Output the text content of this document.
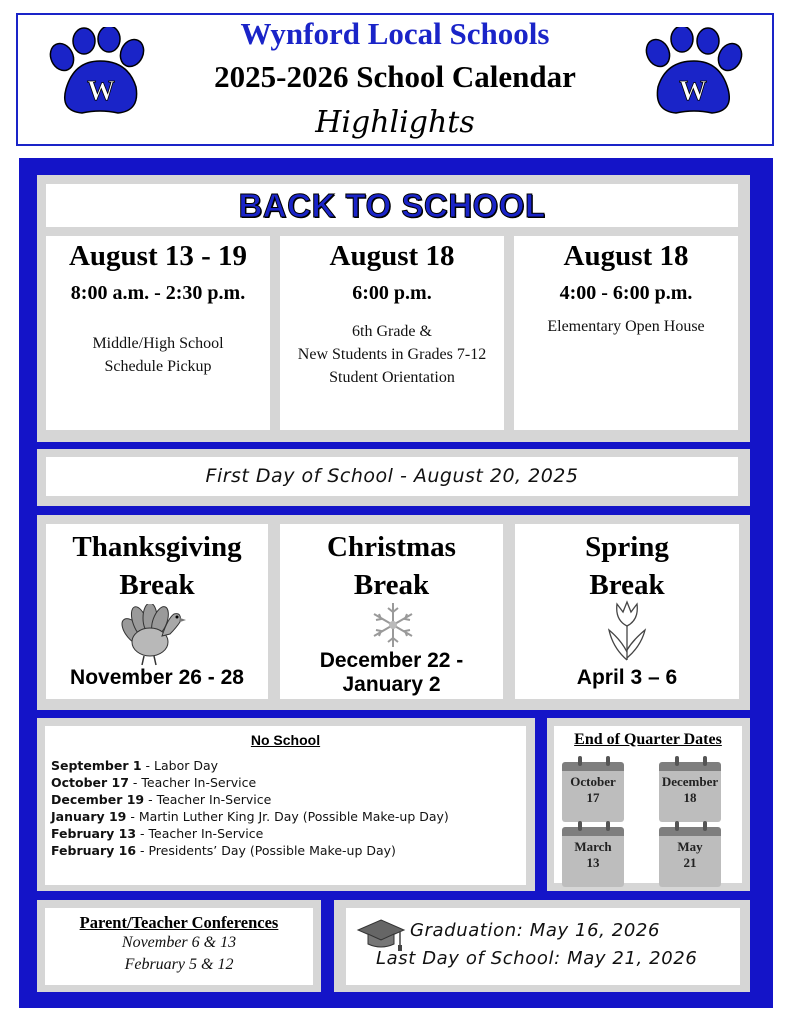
W	W
Wynford Local Schools
2025-2026 School Calendar
Highlights
BACK TO SCHOOL
August 13 - 19
8:00 a.m. - 2:30 p.m.
Middle/High School
Schedule Pickup
August 18
6:00 p.m.
6th Grade &
New Students in Grades 7-12
Student Orientation
August 18
4:00 - 6:00 p.m.
Elementary Open House
First Day of School - August 20, 2025
Thanksgiving
Break
November 26 - 28
Christmas
Break
December 22 -
January 2
Spring
Break
April 3 – 6
No School
September 1 - Labor Day
October 17 - Teacher In-Service
December 19 - Teacher In-Service
January 19 - Martin Luther King Jr. Day (Possible Make-up Day)
February 13 - Teacher In-Service
February 16 - Presidents’ Day (Possible Make-up Day)
End of Quarter Dates
October
17
December
18
March
13
May
21
Parent/Teacher Conferences
November 6 & 13
February 5 & 12
Graduation: May 16, 2026
Last Day of School: May 21, 2026
